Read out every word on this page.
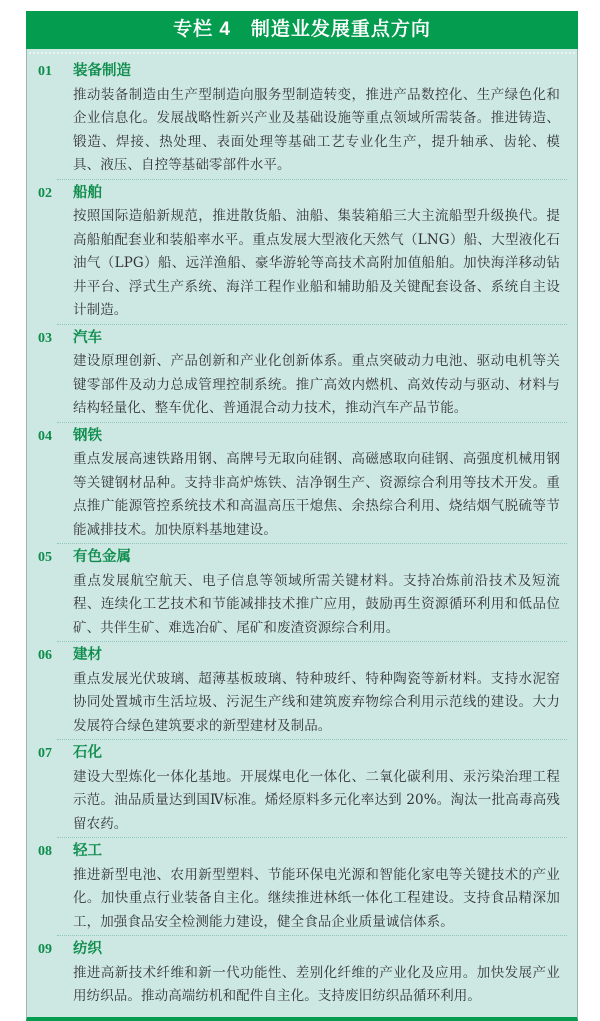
专栏 4　制造业发展重点方向
01	装备制造
推动装备制造由生产型制造向服务型制造转变，推进产品数控化、生产绿色化和企业信息化。发展战略性新兴产业及基础设施等重点领域所需装备。推进铸造、锻造、焊接、热处理、表面处理等基础工艺专业化生产，提升轴承、齿轮、模具、液压、自控等基础零部件水平。
02	船舶
按照国际造船新规范，推进散货船、油船、集装箱船三大主流船型升级换代。提高船舶配套业和装船率水平。重点发展大型液化天然气（LNG）船、大型液化石油气（LPG）船、远洋渔船、豪华游轮等高技术高附加值船舶。加快海洋移动钻井平台、浮式生产系统、海洋工程作业船和辅助船及关键配套设备、系统自主设计制造。
03	汽车
建设原理创新、产品创新和产业化创新体系。重点突破动力电池、驱动电机等关键零部件及动力总成管理控制系统。推广高效内燃机、高效传动与驱动、材料与结构轻量化、整车优化、普通混合动力技术，推动汽车产品节能。
04	钢铁
重点发展高速铁路用钢、高牌号无取向硅钢、高磁感取向硅钢、高强度机械用钢等关键钢材品种。支持非高炉炼铁、洁净钢生产、资源综合利用等技术开发。重点推广能源管控系统技术和高温高压干熄焦、余热综合利用、烧结烟气脱硫等节能减排技术。加快原料基地建设。
05	有色金属
重点发展航空航天、电子信息等领域所需关键材料。支持冶炼前沿技术及短流程、连续化工艺技术和节能减排技术推广应用，鼓励再生资源循环利用和低品位矿、共伴生矿、难选冶矿、尾矿和废渣资源综合利用。
06	建材
重点发展光伏玻璃、超薄基板玻璃、特种玻纤、特种陶瓷等新材料。支持水泥窑协同处置城市生活垃圾、污泥生产线和建筑废弃物综合利用示范线的建设。大力发展符合绿色建筑要求的新型建材及制品。
07	石化
建设大型炼化一体化基地。开展煤电化一体化、二氧化碳利用、汞污染治理工程示范。油品质量达到国Ⅳ标准。烯烃原料多元化率达到 20%。淘汰一批高毒高残留农药。
08	轻工
推进新型电池、农用新型塑料、节能环保电光源和智能化家电等关键技术的产业化。加快重点行业装备自主化。继续推进林纸一体化工程建设。支持食品精深加工，加强食品安全检测能力建设，健全食品企业质量诚信体系。
09	纺织
推进高新技术纤维和新一代功能性、差别化纤维的产业化及应用。加快发展产业用纺织品。推动高端纺机和配件自主化。支持废旧纺织品循环利用。
